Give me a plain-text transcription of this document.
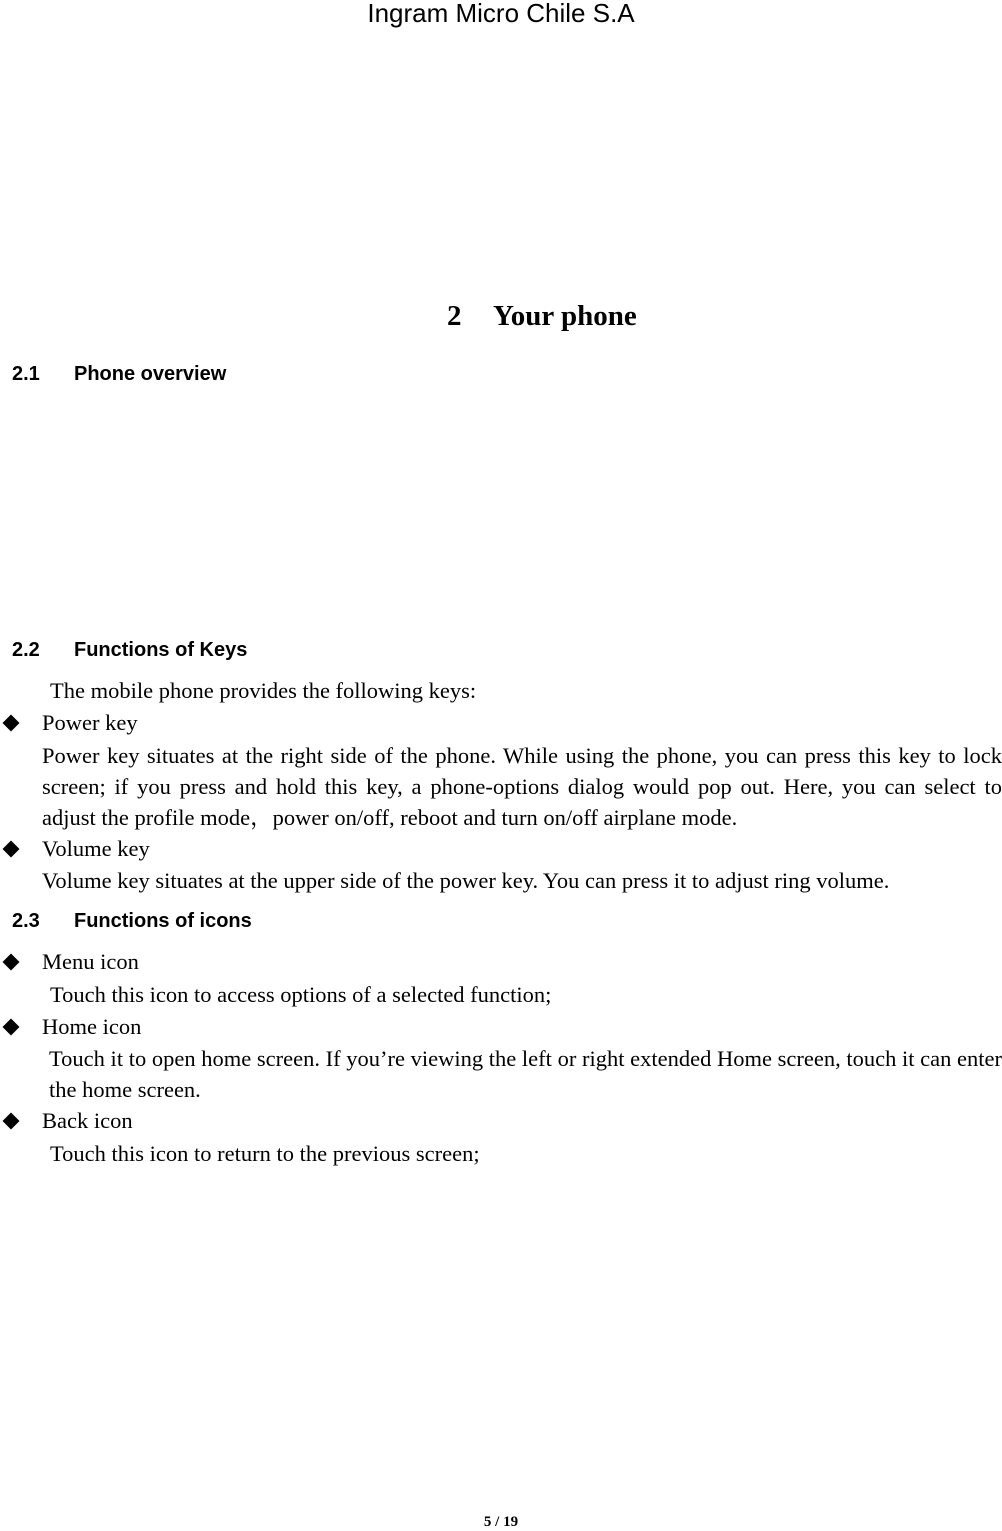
Ingram Micro Chile S.A
2 Your phone
2.1 Phone overview
2.2 Functions of Keys
The mobile phone provides the following keys:
Power key
Power key situates at the right side of the phone. While using the phone, you can press this key to lock screen; if you press and hold this key, a phone-options dialog would pop out. Here, you can select to adjust the profile mode，power on/off, reboot and turn on/off airplane mode.
Volume key
Volume key situates at the upper side of the power key. You can press it to adjust ring volume.
2.3 Functions of icons
Menu icon
Touch this icon to access options of a selected function;
Home icon
Touch it to open home screen. If you’re viewing the left or right extended Home screen, touch it can enter the home screen.
Back icon
Touch this icon to return to the previous screen;
5 / 19
